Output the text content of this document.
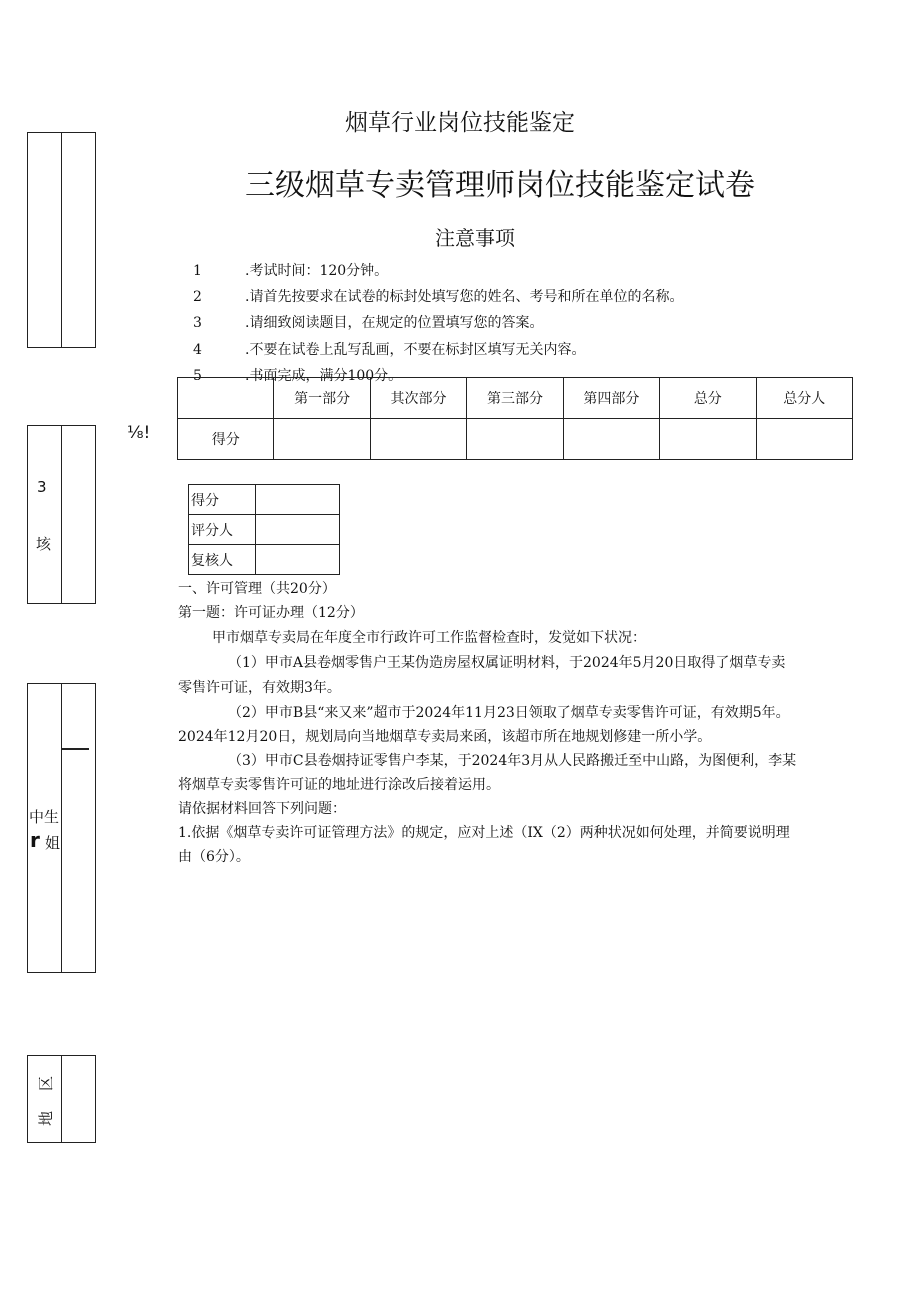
3
垓
中生
r 姐
区
地
烟草行业岗位技能鉴定
三级烟草专卖管理师岗位技能鉴定试卷
注意事项
1	.考试时间：120分钟。
2	.请首先按要求在试卷的标封处填写您的姓名、考号和所在单位的名称。
3	.请细致阅读题目，在规定的位置填写您的答案。
4	.不要在试卷上乱写乱画，不要在标封区填写无关内容。
5	.书面完成，满分100分。
⅛!
	第一部分	其次部分	第三部分	第四部分	总分	总分人
得分						
得分	
评分人	
复核人	
一、许可管理（共20分）
第一题：许可证办理（12分）
甲市烟草专卖局在年度全市行政许可工作监督检查时，发觉如下状况：
（1）甲市A县卷烟零售户王某伪造房屋权属证明材料，于2024年5月20日取得了烟草专卖
零售许可证，有效期3年。
（2）甲市B县“来又来”超市于2024年11月23日领取了烟草专卖零售许可证，有效期5年。
2024年12月20日，规划局向当地烟草专卖局来函，该超市所在地规划修建一所小学。
（3）甲市C县卷烟持证零售户李某，于2024年3月从人民路搬迁至中山路，为图便利，李某
将烟草专卖零售许可证的地址进行涂改后接着运用。
请依据材料回答下列问题：
1.依据《烟草专卖许可证管理方法》的规定，应对上述（IX（2）两种状况如何处理，并简要说明理
由（6分）。
